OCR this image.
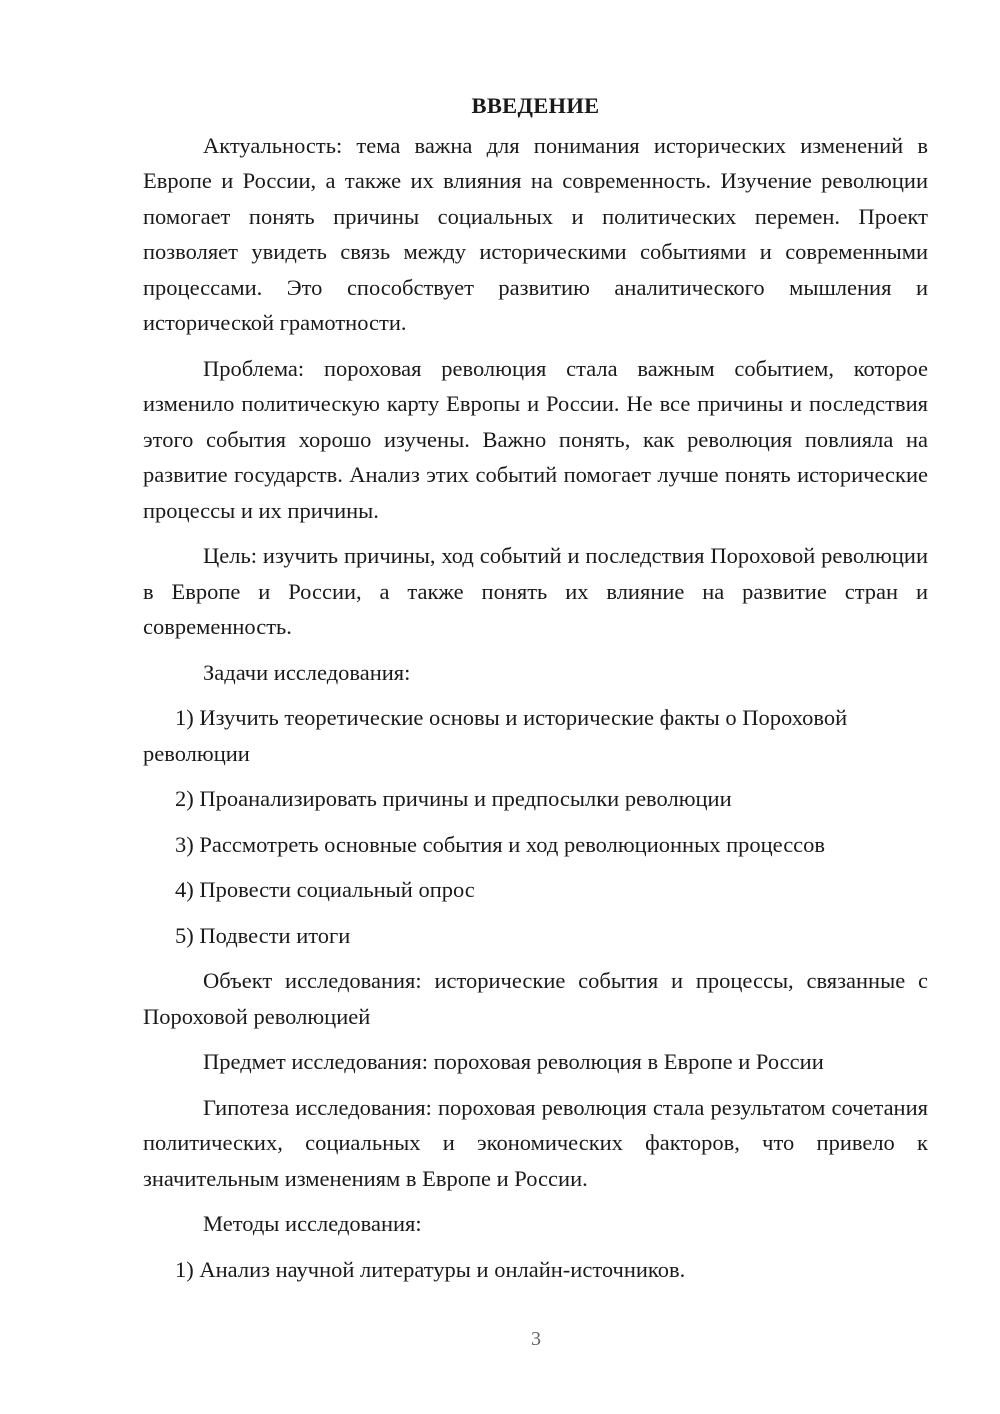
ВВЕДЕНИЕ

Актуальность: тема важна для понимания исторических изменений в Европе и России, а также их влияния на современность. Изучение революции помогает понять причины социальных и политических перемен. Проект позволяет увидеть связь между историческими событиями и современными процессами. Это способствует развитию аналитического мышления и исторической грамотности.

Проблема: пороховая революция стала важным событием, которое изменило политическую карту Европы и России. Не все причины и последствия этого события хорошо изучены. Важно понять, как революция повлияла на развитие государств. Анализ этих событий помогает лучше понять исторические процессы и их причины.

Цель: изучить причины, ход событий и последствия Пороховой революции в Европе и России, а также понять их влияние на развитие стран и современность.

Задачи исследования:

1) Изучить теоретические основы и исторические факты о Пороховой революции

2) Проанализировать причины и предпосылки революции

3) Рассмотреть основные события и ход революционных процессов

4) Провести социальный опрос

5) Подвести итоги

Объект исследования: исторические события и процессы, связанные с Пороховой революцией

Предмет исследования: пороховая революция в Европе и России

Гипотеза исследования: пороховая революция стала результатом сочетания политических, социальных и экономических факторов, что привело к значительным изменениям в Европе и России.

Методы исследования:

1) Анализ научной литературы и онлайн-источников.

3
